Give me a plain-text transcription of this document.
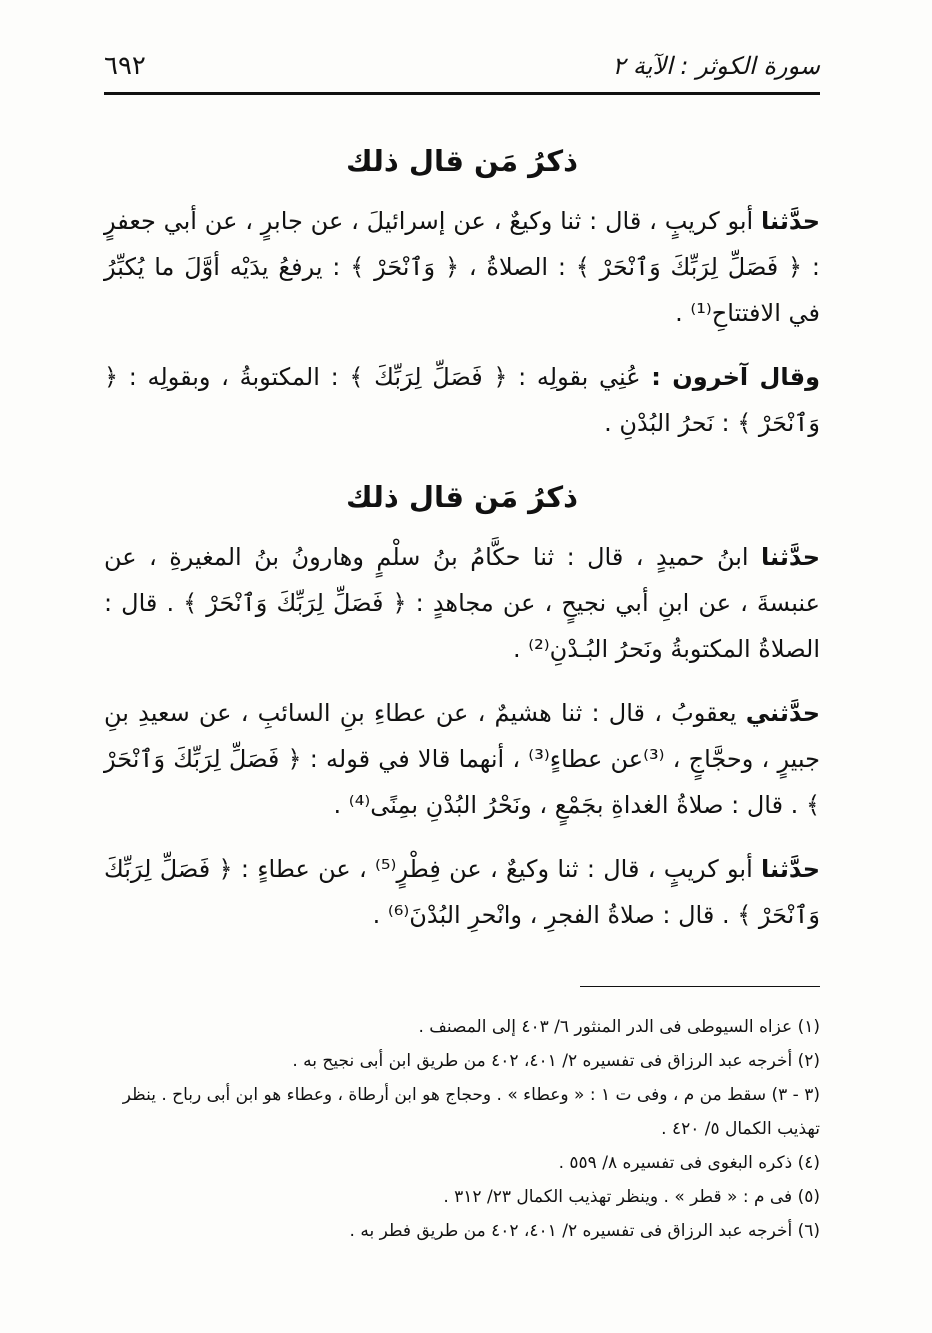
سورة الكوثر : الآية ٢
٦٩٢
ذكرُ مَن قال ذلك

حدَّثنا أبو كريبٍ ، قال : ثنا وكيعٌ ، عن إسرائيلَ ، عن جابرٍ ، عن أبي جعفرٍ : ﴿ فَصَلِّ لِرَبِّكَ وَٱنْحَرْ ﴾ : الصلاةُ ، ﴿ وَٱنْحَرْ ﴾ : يرفعُ يدَيْه أوَّلَ ما يُكبِّرُ في الافتتاحِ⁽¹⁾ .

وقال آخرون : عُنِي بقولِه : ﴿ فَصَلِّ لِرَبِّكَ ﴾ : المكتوبةُ ، وبقولِه : ﴿ وَٱنْحَرْ ﴾ : نَحرُ البُدْنِ .

ذكرُ مَن قال ذلك

حدَّثنا ابنُ حميدٍ ، قال : ثنا حكَّامُ بنُ سلْمٍ وهارونُ بنُ المغيرةِ ، عن عنبسةَ ، عن ابنِ أبي نجيحٍ ، عن مجاهدٍ : ﴿ فَصَلِّ لِرَبِّكَ وَٱنْحَرْ ﴾ . قال : الصلاةُ المكتوبةُ ونَحرُ البُـدْنِ⁽²⁾ .

حدَّثني يعقوبُ ، قال : ثنا هشيمٌ ، عن عطاءِ بنِ السائبِ ، عن سعيدِ بنِ جبيرٍ ، وحجَّاجٍ ، ⁽³⁾عن عطاءٍ⁽³⁾ ، أنهما قالا في قوله : ﴿ فَصَلِّ لِرَبِّكَ وَٱنْحَرْ ﴾ . قال : صلاةُ الغداةِ بجَمْعٍ ، ونَحْرُ البُدْنِ بمِنًى⁽⁴⁾ .

حدَّثنا أبو كريبٍ ، قال : ثنا وكيعٌ ، عن فِطْرٍ⁽⁵⁾ ، عن عطاءٍ : ﴿ فَصَلِّ لِرَبِّكَ وَٱنْحَرْ ﴾ . قال : صلاةُ الفجرِ ، وانْحرِ البُدْنَ⁽⁶⁾ .

(١) عزاه السيوطى فى الدر المنثور ٦/ ٤٠٣ إلى المصنف .

(٢) أخرجه عبد الرزاق فى تفسيره ٢/ ٤٠١، ٤٠٢ من طريق ابن أبى نجيح به .

(٣ - ٣) سقط من م ، وفى ت ١ : « وعطاء » . وحجاج هو ابن أرطاة ، وعطاء هو ابن أبى رباح . ينظر تهذيب الكمال ٥/ ٤٢٠ .

(٤) ذكره البغوى فى تفسيره ٨/ ٥٥٩ .

(٥) فى م : « قطر » . وينظر تهذيب الكمال ٢٣/ ٣١٢ .

(٦) أخرجه عبد الرزاق فى تفسيره ٢/ ٤٠١، ٤٠٢ من طريق فطر به .
